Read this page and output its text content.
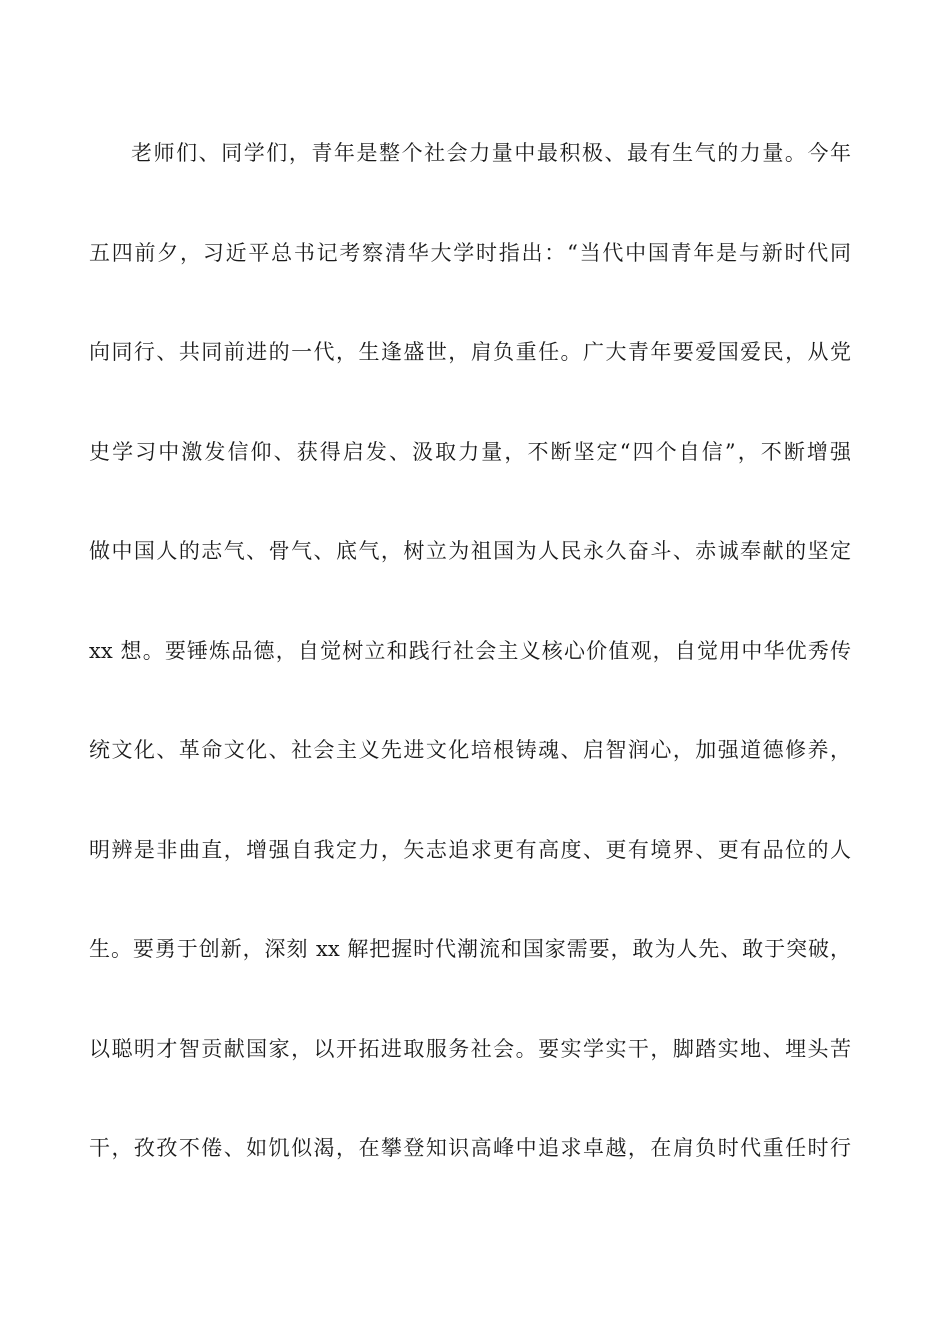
老师们、同学们，青年是整个社会力量中最积极、最有生气的力量。今年
五四前夕，习近平总书记考察清华大学时指出：“当代中国青年是与新时代同
向同行、共同前进的一代，生逢盛世，肩负重任。广大青年要爱国爱民，从党
史学习中激发信仰、获得启发、汲取力量，不断坚定“四个自信”，不断增强
做中国人的志气、骨气、底气，树立为祖国为人民永久奋斗、赤诚奉献的坚定
xx 想。要锤炼品德，自觉树立和践行社会主义核心价值观，自觉用中华优秀传
统文化、革命文化、社会主义先进文化培根铸魂、启智润心，加强道德修养，
明辨是非曲直，增强自我定力，矢志追求更有高度、更有境界、更有品位的人
生。要勇于创新，深刻 xx 解把握时代潮流和国家需要，敢为人先、敢于突破，
以聪明才智贡献国家，以开拓进取服务社会。要实学实干，脚踏实地、埋头苦
干，孜孜不倦、如饥似渴，在攀登知识高峰中追求卓越，在肩负时代重任时行
